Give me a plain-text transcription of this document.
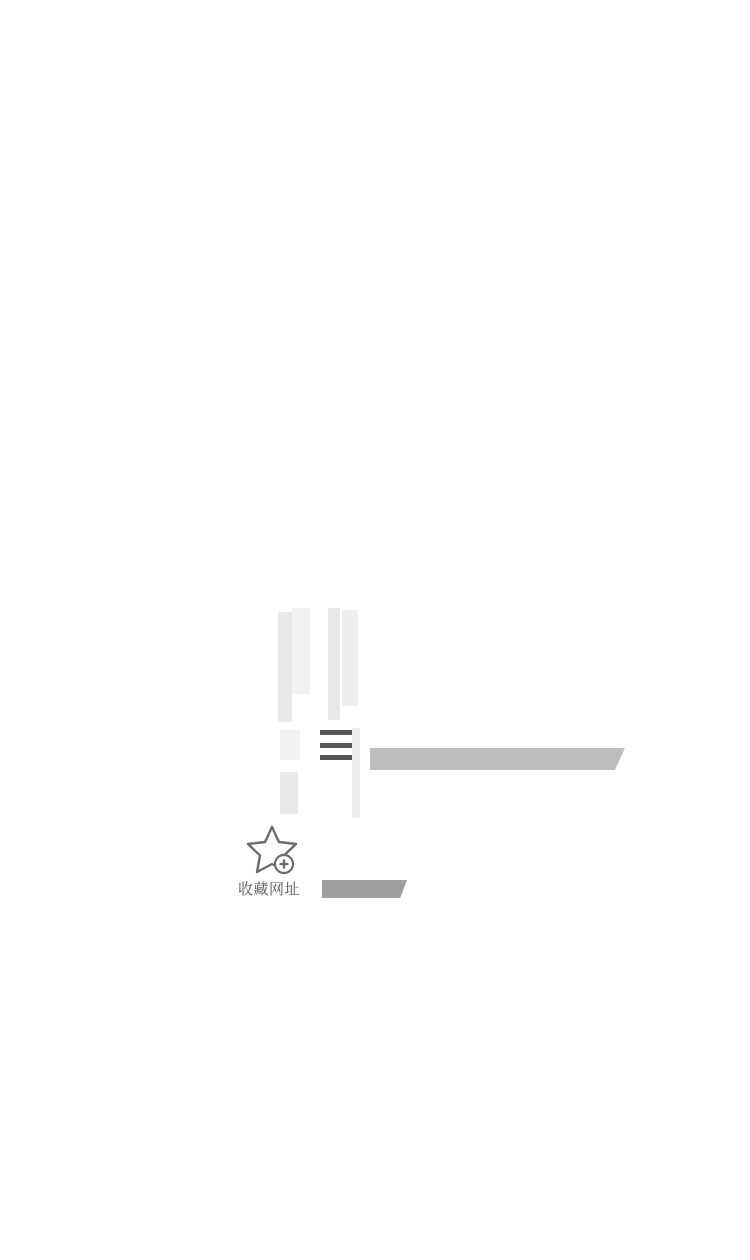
收藏网址
